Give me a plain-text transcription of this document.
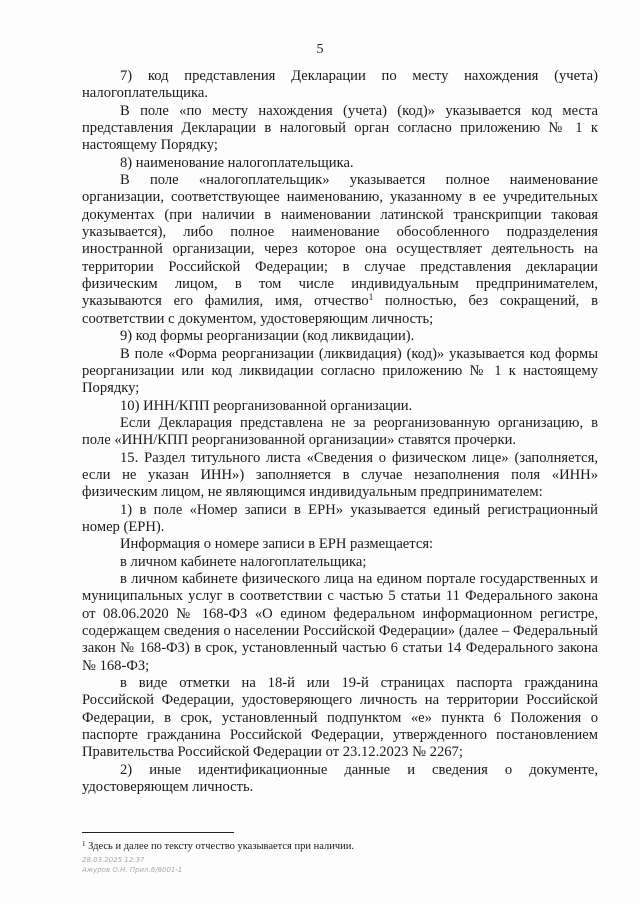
5

7) код представления Декларации по месту нахождения (учета) налогоплательщика.

В поле «по месту нахождения (учета) (код)» указывается код места представления Декларации в налоговый орган согласно приложению № 1 к настоящему Порядку;

8) наименование налогоплательщика.

В поле «налогоплательщик» указывается полное наименование организации, соответствующее наименованию, указанному в ее учредительных документах (при наличии в наименовании латинской транскрипции таковая указывается), либо полное наименование обособленного подразделения иностранной организации, через которое она осуществляет деятельность на территории Российской Федерации; в случае представления декларации физическим лицом, в том числе индивидуальным предпринимателем, указываются его фамилия, имя, отчество$^1$ полностью, без сокращений, в соответствии с документом, удостоверяющим личность;

9) код формы реорганизации (код ликвидации).

В поле «Форма реорганизации (ликвидация) (код)» указывается код формы реорганизации или код ликвидации согласно приложению № 1 к настоящему Порядку;

10) ИНН/КПП реорганизованной организации.

Если Декларация представлена не за реорганизованную организацию, в поле «ИНН/КПП реорганизованной организации» ставятся прочерки.

15. Раздел титульного листа «Сведения о физическом лице» (заполняется, если не указан ИНН») заполняется в случае незаполнения поля «ИНН» физическим лицом, не являющимся индивидуальным предпринимателем:

1) в поле «Номер записи в ЕРН» указывается единый регистрационный номер (ЕРН).

Информация о номере записи в ЕРН размещается:

в личном кабинете налогоплательщика;

в личном кабинете физического лица на едином портале государственных и муниципальных услуг в соответствии с частью 5 статьи 11 Федерального закона от 08.06.2020 № 168-ФЗ «О едином федеральном информационном регистре, содержащем сведения о населении Российской Федерации» (далее – Федеральный закон № 168-ФЗ) в срок, установленный частью 6 статьи 14 Федерального закона № 168-ФЗ;

в виде отметки на 18-й или 19-й страницах паспорта гражданина Российской Федерации, удостоверяющего личность на территории Российской Федерации, в срок, установленный подпунктом «е» пункта 6 Положения о паспорте гражданина Российской Федерации, утвержденного постановлением Правительства Российской Федерации от 23.12.2023 № 2267;

2) иные идентификационные данные и сведения о документе, удостоверяющем личность.

$^1$ Здесь и далее по тексту отчество указывается при наличии.
28.03.2025 12:37
Ажуров О.Н. Прил.6/8001-1
